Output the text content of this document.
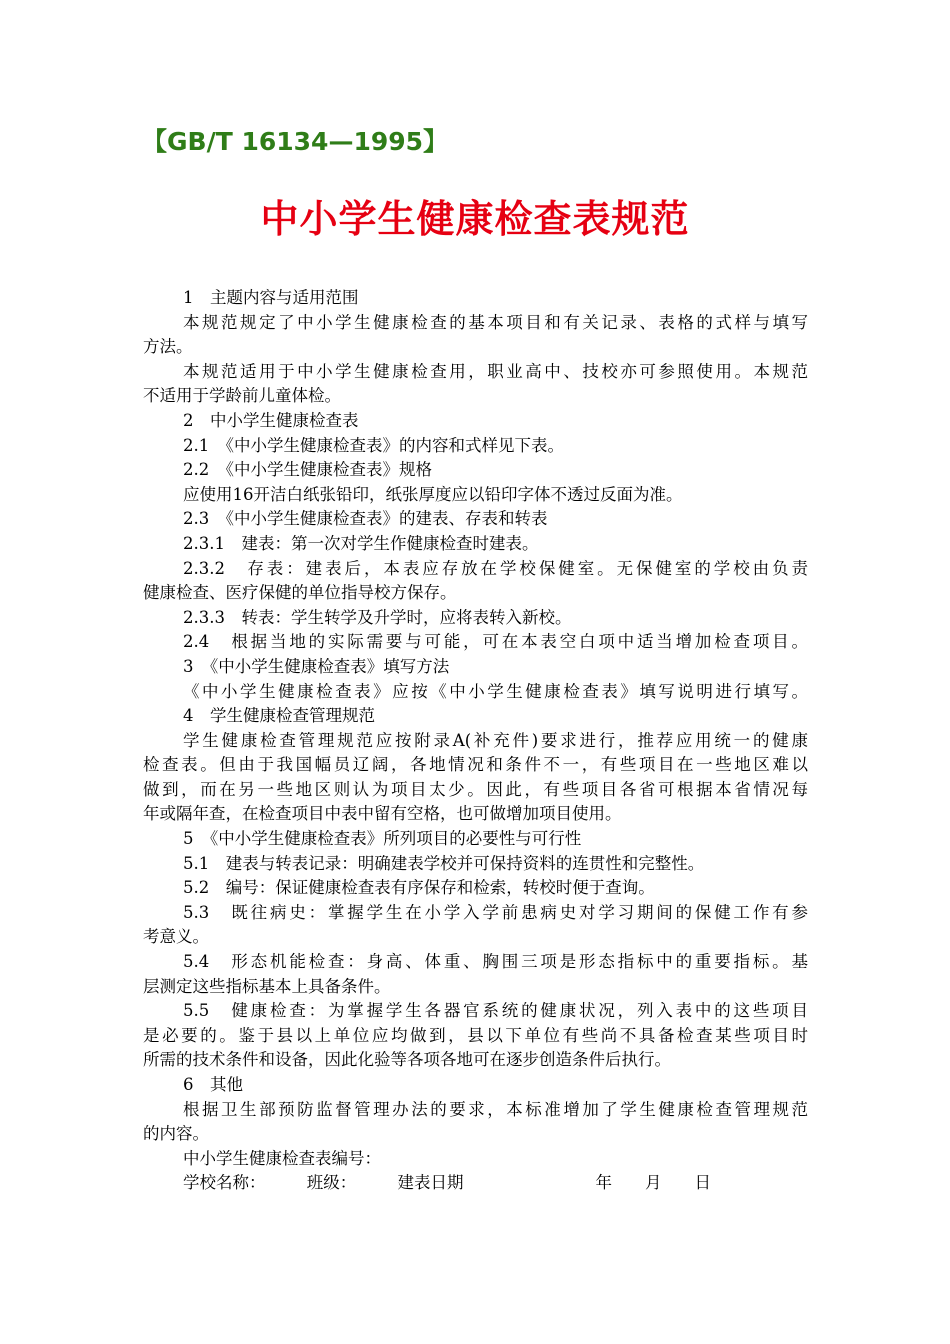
【GB/T 16134—1995】
中小学生健康检查表规范
1　主题内容与适用范围
本规范规定了中小学生健康检查的基本项目和有关记录、表格的式样与填写
方法。
本规范适用于中小学生健康检查用，职业高中、技校亦可参照使用。本规范
不适用于学龄前儿童体检。
2　中小学生健康检查表
2.1　《中小学生健康检查表》的内容和式样见下表。
2.2　《中小学生健康检查表》规格
应使用16开洁白纸张铅印，纸张厚度应以铅印字体不透过反面为准。
2.3　《中小学生健康检查表》的建表、存表和转表
2.3.1　建表：第一次对学生作健康检查时建表。
2.3.2　存表：建表后，本表应存放在学校保健室。无保健室的学校由负责
健康检查、医疗保健的单位指导校方保存。
2.3.3　转表：学生转学及升学时，应将表转入新校。
2.4　根据当地的实际需要与可能，可在本表空白项中适当增加检查项目。
3　《中小学生健康检查表》填写方法
《中小学生健康检查表》应按《中小学生健康检查表》填写说明进行填写。
4　学生健康检查管理规范
学生健康检查管理规范应按附录A(补充件)要求进行，推荐应用统一的健康
检查表。但由于我国幅员辽阔，各地情况和条件不一，有些项目在一些地区难以
做到，而在另一些地区则认为项目太少。因此，有些项目各省可根据本省情况每
年或隔年查，在检查项目中表中留有空格，也可做增加项目使用。
5　《中小学生健康检查表》所列项目的必要性与可行性
5.1　建表与转表记录：明确建表学校并可保持资料的连贯性和完整性。
5.2　编号：保证健康检查表有序保存和检索，转校时便于查询。
5.3　既往病史：掌握学生在小学入学前患病史对学习期间的保健工作有参
考意义。
5.4　形态机能检查：身高、体重、胸围三项是形态指标中的重要指标。基
层测定这些指标基本上具备条件。
5.5　健康检查：为掌握学生各器官系统的健康状况，列入表中的这些项目
是必要的。鉴于县以上单位应均做到，县以下单位有些尚不具备检查某些项目时
所需的技术条件和设备，因此化验等各项各地可在逐步创造条件后执行。
6　其他
根据卫生部预防监督管理办法的要求，本标准增加了学生健康检查管理规范
的内容。
中小学生健康检查表编号：
学校名称：　　　班级：　　　建表日期　　　　　　　　年　　月　　日
